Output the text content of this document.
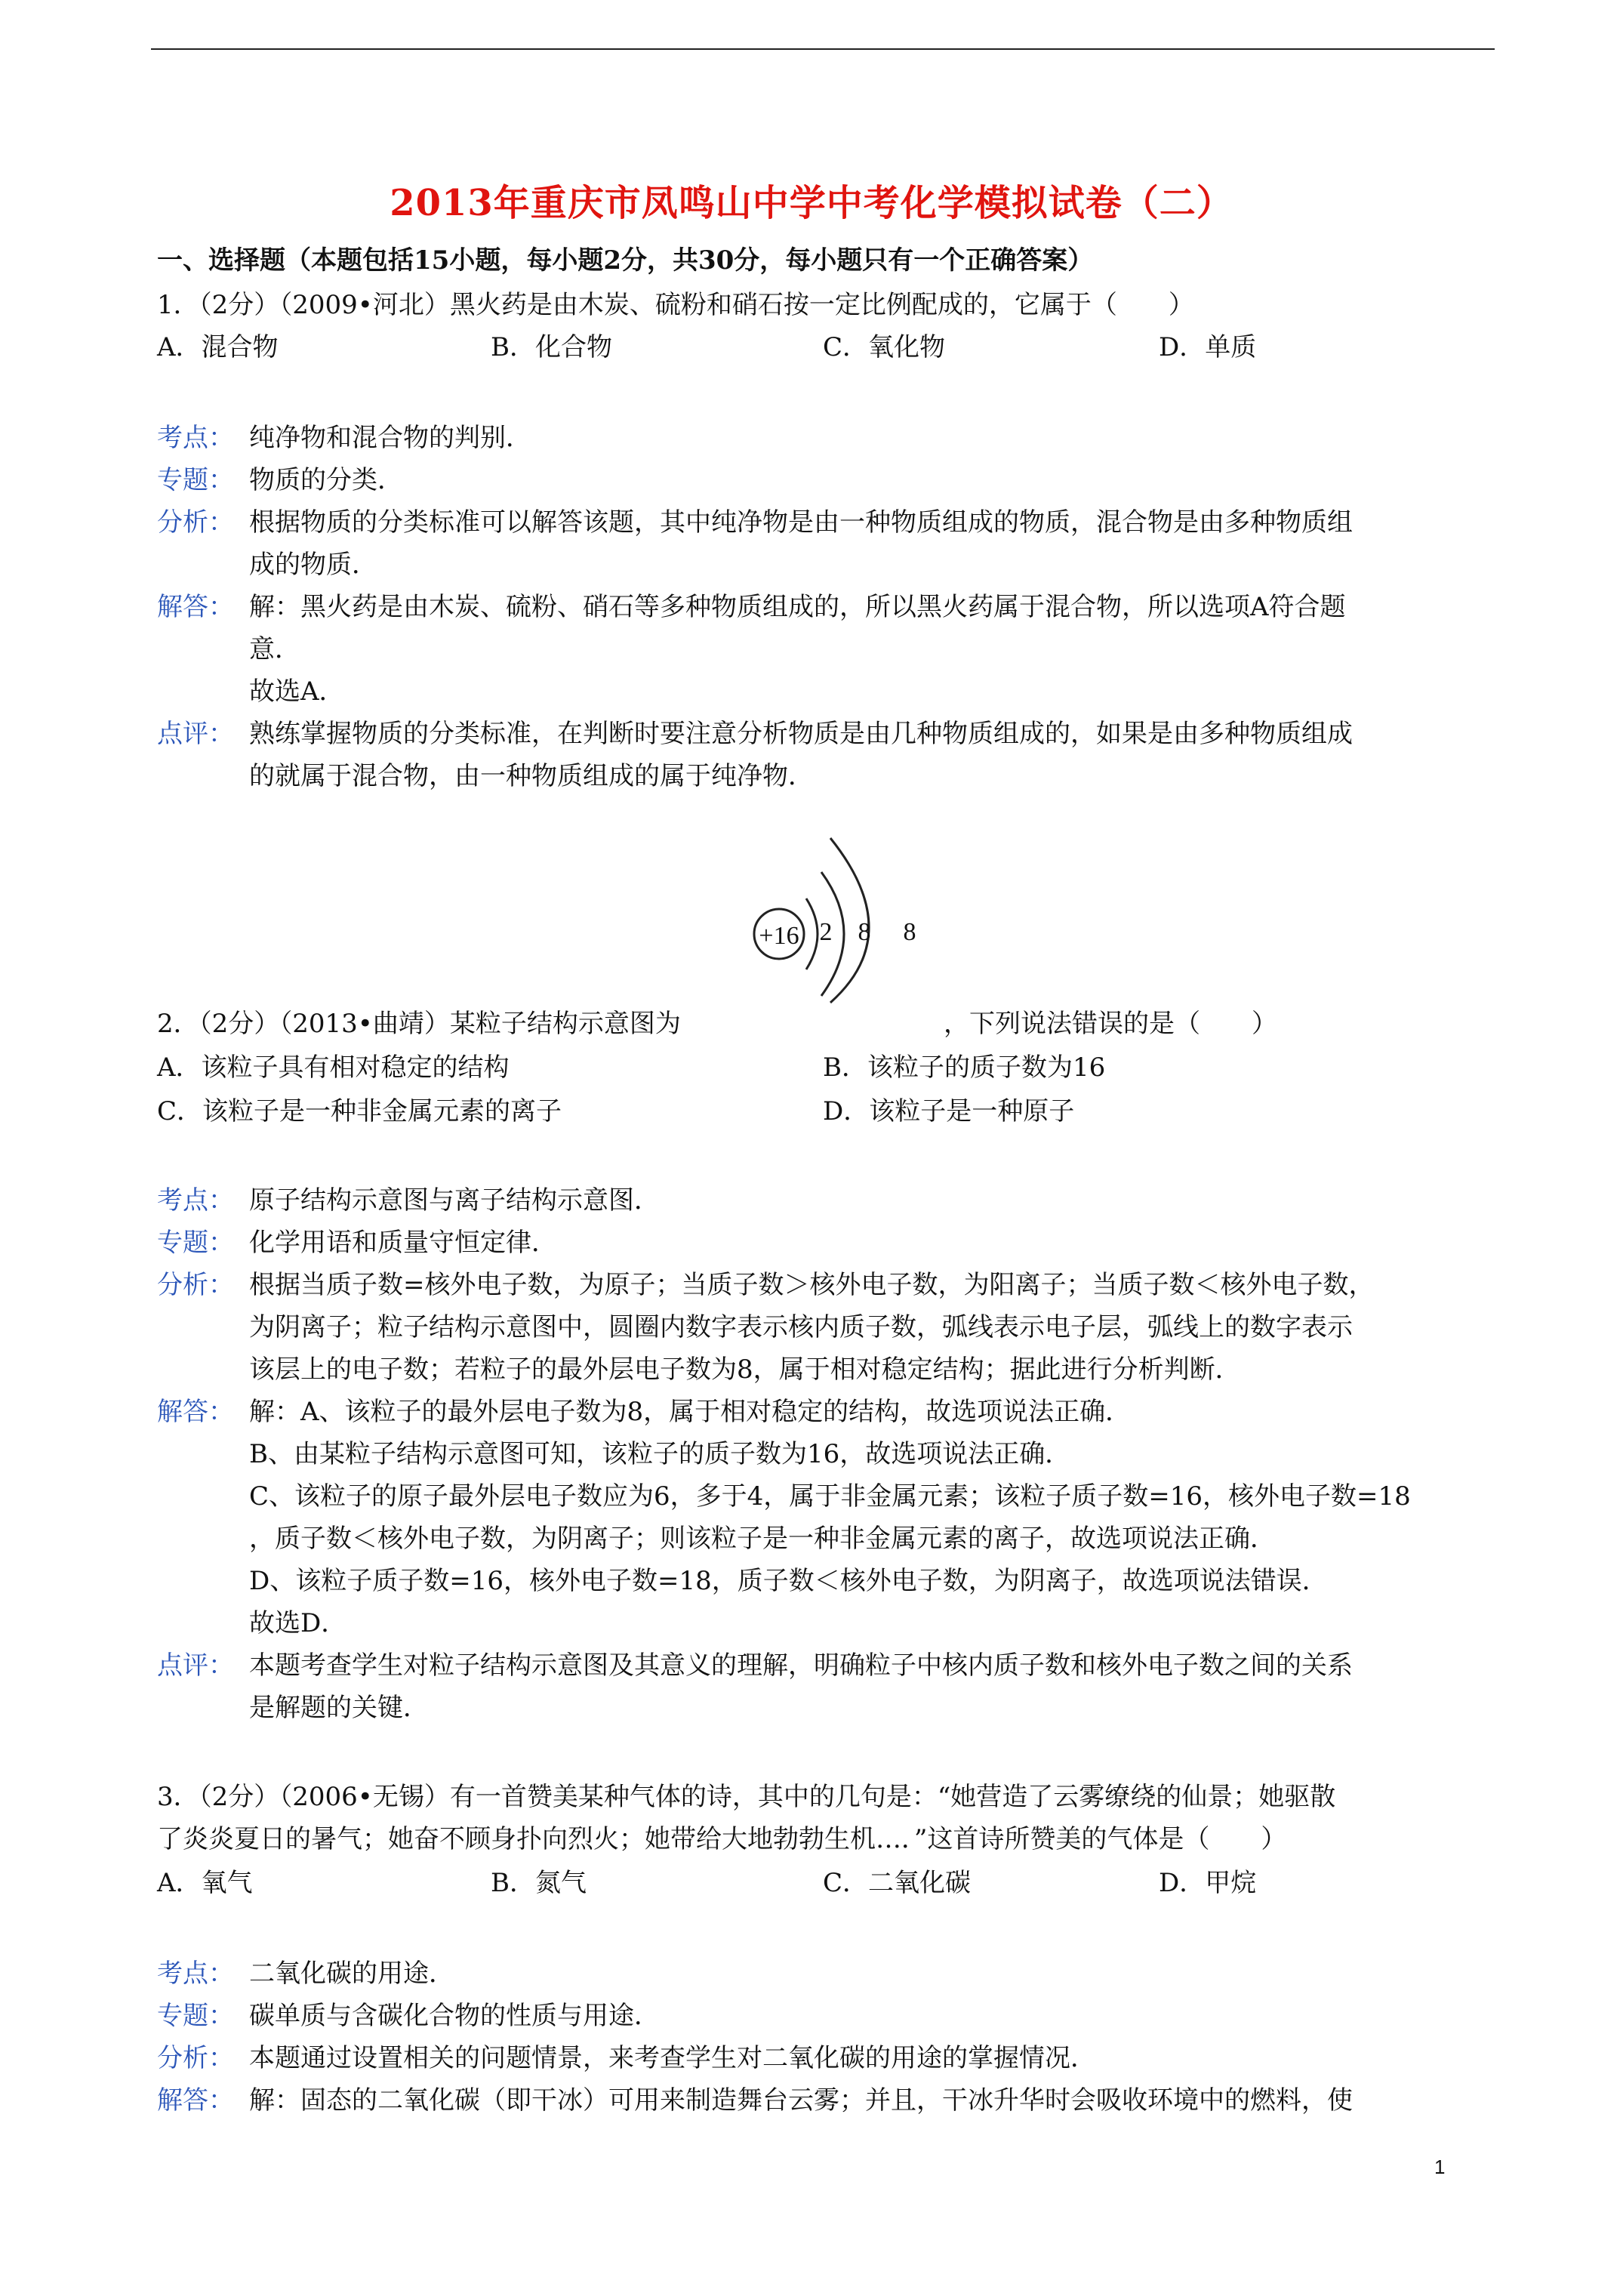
2013年重庆市凤鸣山中学中考化学模拟试卷（二）
一、选择题（本题包括15小题，每小题2分，共30分，每小题只有一个正确答案）
1．（2分）（2009•河北）黑火药是由木炭、硫粉和硝石按一定比例配成的，它属于（　　）
A．混合物	B．化合物	C．氧化物	D．单质
考点： 纯净物和混合物的判别．
专题： 物质的分类．
分析： 根据物质的分类标准可以解答该题，其中纯净物是由一种物质组成的物质，混合物是由多种物质组
成的物质．
解答： 解：黑火药是由木炭、硫粉、硝石等多种物质组成的，所以黑火药属于混合物，所以选项A符合题
意．
故选A．
点评： 熟练掌握物质的分类标准，在判断时要注意分析物质是由几种物质组成的，如果是由多种物质组成
的就属于混合物，由一种物质组成的属于纯净物．
+16 2 8 8
2．（2分）（2013•曲靖）某粒子结构示意图为	，下列说法错误的是（　　）
A．该粒子具有相对稳定的结构	B．该粒子的质子数为16
C．该粒子是一种非金属元素的离子	D．该粒子是一种原子
考点： 原子结构示意图与离子结构示意图．
专题： 化学用语和质量守恒定律．
分析： 根据当质子数=核外电子数，为原子；当质子数＞核外电子数，为阳离子；当质子数＜核外电子数，
为阴离子；粒子结构示意图中，圆圈内数字表示核内质子数，弧线表示电子层，弧线上的数字表示
该层上的电子数；若粒子的最外层电子数为8，属于相对稳定结构；据此进行分析判断．
解答： 解：A、该粒子的最外层电子数为8，属于相对稳定的结构，故选项说法正确．
B、由某粒子结构示意图可知，该粒子的质子数为16，故选项说法正确．
C、该粒子的原子最外层电子数应为6，多于4，属于非金属元素；该粒子质子数=16，核外电子数=18
，质子数＜核外电子数，为阴离子；则该粒子是一种非金属元素的离子，故选项说法正确．
D、该粒子质子数=16，核外电子数=18，质子数＜核外电子数，为阴离子，故选项说法错误．
故选D．
点评： 本题考查学生对粒子结构示意图及其意义的理解，明确粒子中核内质子数和核外电子数之间的关系
是解题的关键．
3．（2分）（2006•无锡）有一首赞美某种气体的诗，其中的几句是：“她营造了云雾缭绕的仙景；她驱散
了炎炎夏日的暑气；她奋不顾身扑向烈火；她带给大地勃勃生机…．”这首诗所赞美的气体是（　　）
A．氧气	B．氮气	C．二氧化碳	D．甲烷
考点： 二氧化碳的用途．
专题： 碳单质与含碳化合物的性质与用途．
分析： 本题通过设置相关的问题情景，来考查学生对二氧化碳的用途的掌握情况．
解答： 解：固态的二氧化碳（即干冰）可用来制造舞台云雾；并且，干冰升华时会吸收环境中的燃料，使
1
